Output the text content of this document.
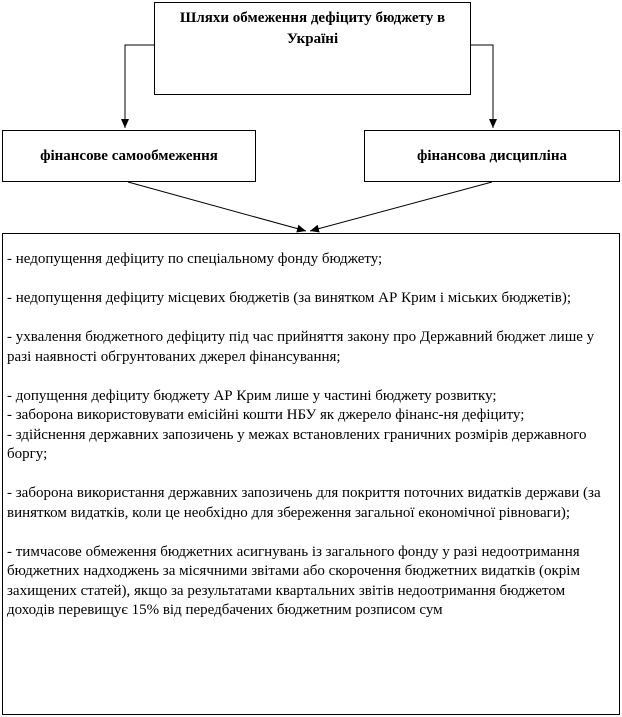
Шляхи обмеження дефіциту бюджету в Україні
фінансове самообмеження	фінансова дисципліна

- недопущення дефіциту по спеціальному фонду бюджету;

- недопущення дефіциту місцевих бюджетів (за винятком АР Крим і міських бюджетів);

- ухвалення бюджетного дефіциту під час прийняття закону про Державний бюджет лише у разі наявності обгрунтованих джерел фінансування;

- допущення дефіциту бюджету АР Крим лише у частині бюджету розвитку;

- заборона використовувати емісійні кошти НБУ як джерело фінанс-ня дефіциту;

- здійснення державних запозичень у межах встановлених граничних розмірів державного боргу;

- заборона використання державних запозичень для покриття поточних видатків держави (за винятком видатків, коли це необхідно для збереження загальної економічної рівноваги);

- тимчасове обмеження бюджетних асигнувань із загального фонду у разі недоотримання бюджетних надходжень за місячними звітами або скорочення бюджетних видатків (окрім захищених статей), якщо за результатами квартальних звітів недоотримання бюджетом доходів перевищує 15% від передбачених бюджетним розписом сум
